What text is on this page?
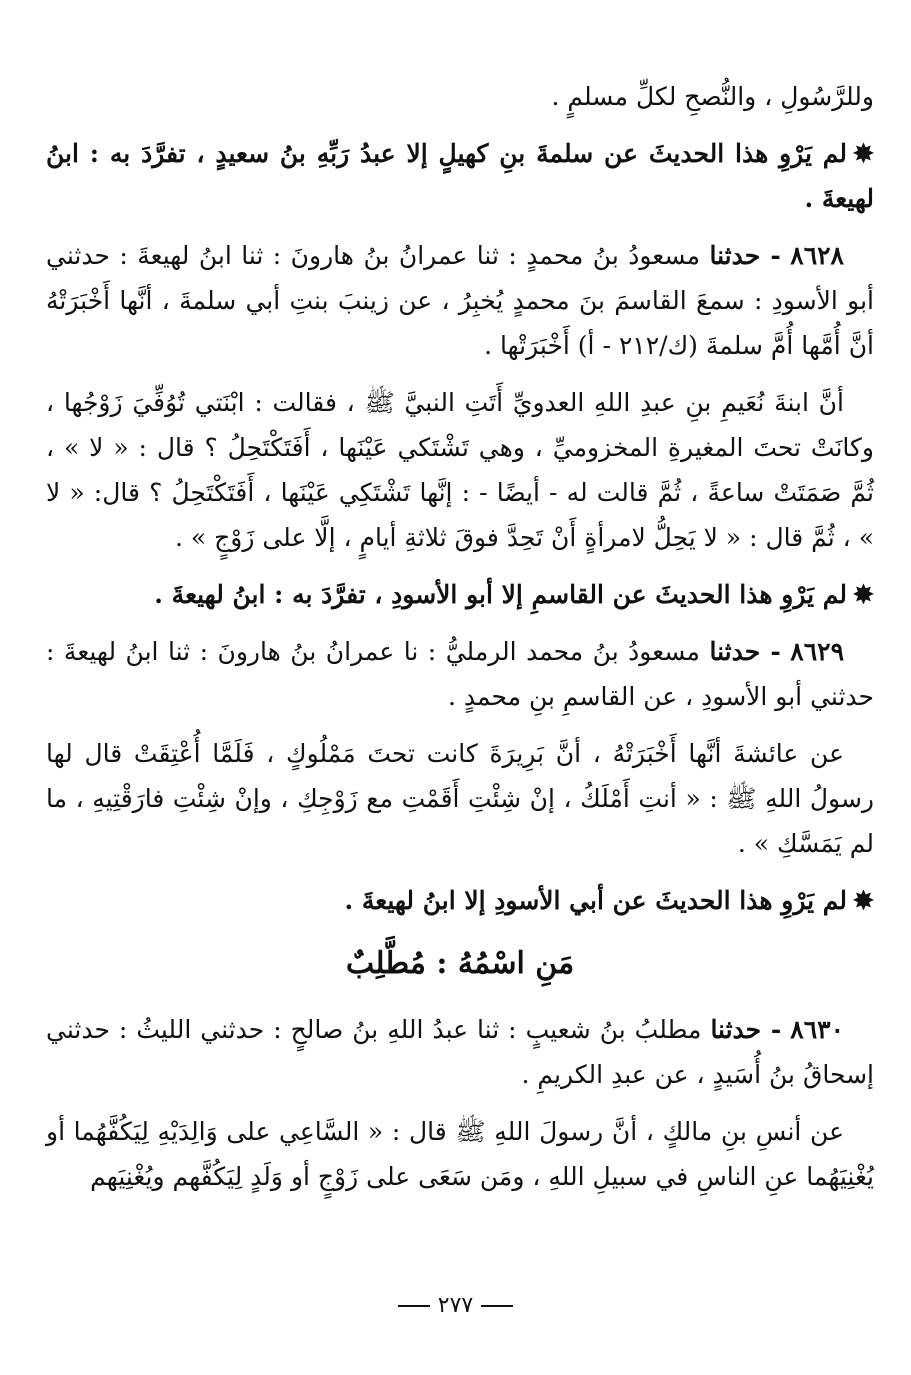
وللرَّسُولِ ، والنُّصحِ لكلِّ مسلمٍ .

✸لم يَرْوِ هذا الحديثَ عن سلمةَ بنِ كهيلٍ إلا عبدُ رَبِّهِ بنُ سعيدٍ ، تفرَّدَ به : ابنُ لهيعةَ .

٨٦٢٨ - حدثنا مسعودُ بنُ محمدٍ : ثنا عمرانُ بنُ هارونَ : ثنا ابنُ لهيعةَ : حدثني أبو الأسودِ : سمعَ القاسمَ بنَ محمدٍ يُخبِرُ ، عن زينبَ بنتِ أبي سلمةَ ، أنَّها أَخْبَرَتْهُ أنَّ أُمَّها أُمَّ سلمةَ (ك/٢١٢ - أ) أَخْبَرَتْها .

أنَّ ابنةَ نُعَيمِ بنِ عبدِ اللهِ العدويِّ أَتَتِ النبيَّ ﷺ ، فقالت : ابْنَتي تُوُفِّيَ زَوْجُها ، وكانَتْ تحتَ المغيرةِ المخزوميِّ ، وهي تَشْتَكي عَيْنَها ، أَفَتَكْتَحِلُ ؟ قال : « لا » ، ثُمَّ صَمَتَتْ ساعةً ، ثُمَّ قالت له - أيضًا - : إنَّها تَشْتَكِي عَيْنَها ، أَفَتَكْتَحِلُ ؟ قال: « لا » ، ثُمَّ قال : « لا يَحِلُّ لامرأةٍ أَنْ تَحِدَّ فوقَ ثلاثةِ أيامٍ ، إلَّا على زَوْجٍ » .

✸لم يَرْوِ هذا الحديثَ عن القاسمِ إلا أبو الأسودِ ، تفرَّدَ به : ابنُ لهيعةَ .

٨٦٢٩ - حدثنا مسعودُ بنُ محمد الرمليُّ : نا عمرانُ بنُ هارونَ : ثنا ابنُ لهيعةَ : حدثني أبو الأسودِ ، عن القاسمِ بنِ محمدٍ .

عن عائشةَ أنَّها أَخْبَرَتْهُ ، أنَّ بَرِيرَةَ كانت تحتَ مَمْلُوكٍ ، فَلَمَّا أُعْتِقَتْ قال لها رسولُ اللهِ ﷺ : « أنتِ أَمْلَكُ ، إنْ شِئْتِ أَقَمْتِ مع زَوْجِكِ ، وإنْ شِئْتِ فارَقْتِيهِ ، ما لم يَمَسَّكِ » .

✸لم يَرْوِ هذا الحديثَ عن أبي الأسودِ إلا ابنُ لهيعةَ .

مَنِ اسْمُهُ : مُطَّلِبٌ

٨٦٣٠ - حدثنا مطلبُ بنُ شعيبٍ : ثنا عبدُ اللهِ بنُ صالحٍ : حدثني الليثُ : حدثني إسحاقُ بنُ أُسَيدٍ ، عن عبدِ الكريمِ .

عن أنسِ بنِ مالكٍ ، أنَّ رسولَ اللهِ ﷺ قال : « السَّاعِي على وَالِدَيْهِ لِيَكُفَّهُما أو يُغْنِيَهُما عنِ الناسِ في سبيلِ اللهِ ، ومَن سَعَى على زَوْجٍ أو وَلَدٍ لِيَكُفَّهم ويُغْنِيَهم

٢٧٧
